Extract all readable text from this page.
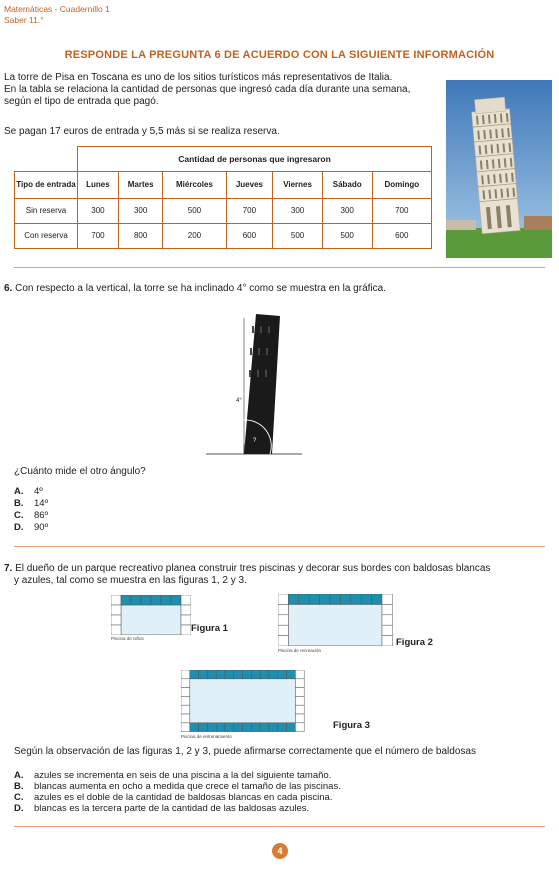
Matemáticas - Cuadernillo 1
Saber 11.°
RESPONDE LA PREGUNTA 6 DE ACUERDO CON LA SIGUIENTE INFORMACIÓN
La torre de Pisa en Toscana es uno de los sitios turísticos más representativos de Italia.
En la tabla se relaciona la cantidad de personas que ingresó cada día durante una semana,
según el tipo de entrada que pagó.
Se pagan 17 euros de entrada y 5,5 más si se realiza reserva.
	Cantidad de personas que ingresaron						
Tipo de entrada	Lunes	Martes	Miércoles	Jueves	Viernes	Sábado	Domingo
Sin reserva	300	300	500	700	300	300	700
Con reserva	700	800	200	600	500	500	600
6. Con respecto a la vertical, la torre se ha inclinado 4° como se muestra en la gráfica.
4°
?
¿Cuánto mide el otro ángulo?
A. 4º
B. 14º
C. 86º
D. 90º
7. El dueño de un parque recreativo planea construir tres piscinas y decorar sus bordes con baldosas blancas
y azules, tal como se muestra en las figuras 1, 2 y 3.
Figura 1
Piscina de niños	Figura 2
Piscina de recreación
Figura 3
Piscina de entrenamiento
Según la observación de las figuras 1, 2 y 3, puede afirmarse correctamente que el número de baldosas
A. azules se incrementa en seis de una piscina a la del siguiente tamaño.
B. blancas aumenta en ocho a medida que crece el tamaño de las piscinas.
C. azules es el doble de la cantidad de baldosas blancas en cada piscina.
D. blancas es la tercera parte de la cantidad de las baldosas azules.
4
